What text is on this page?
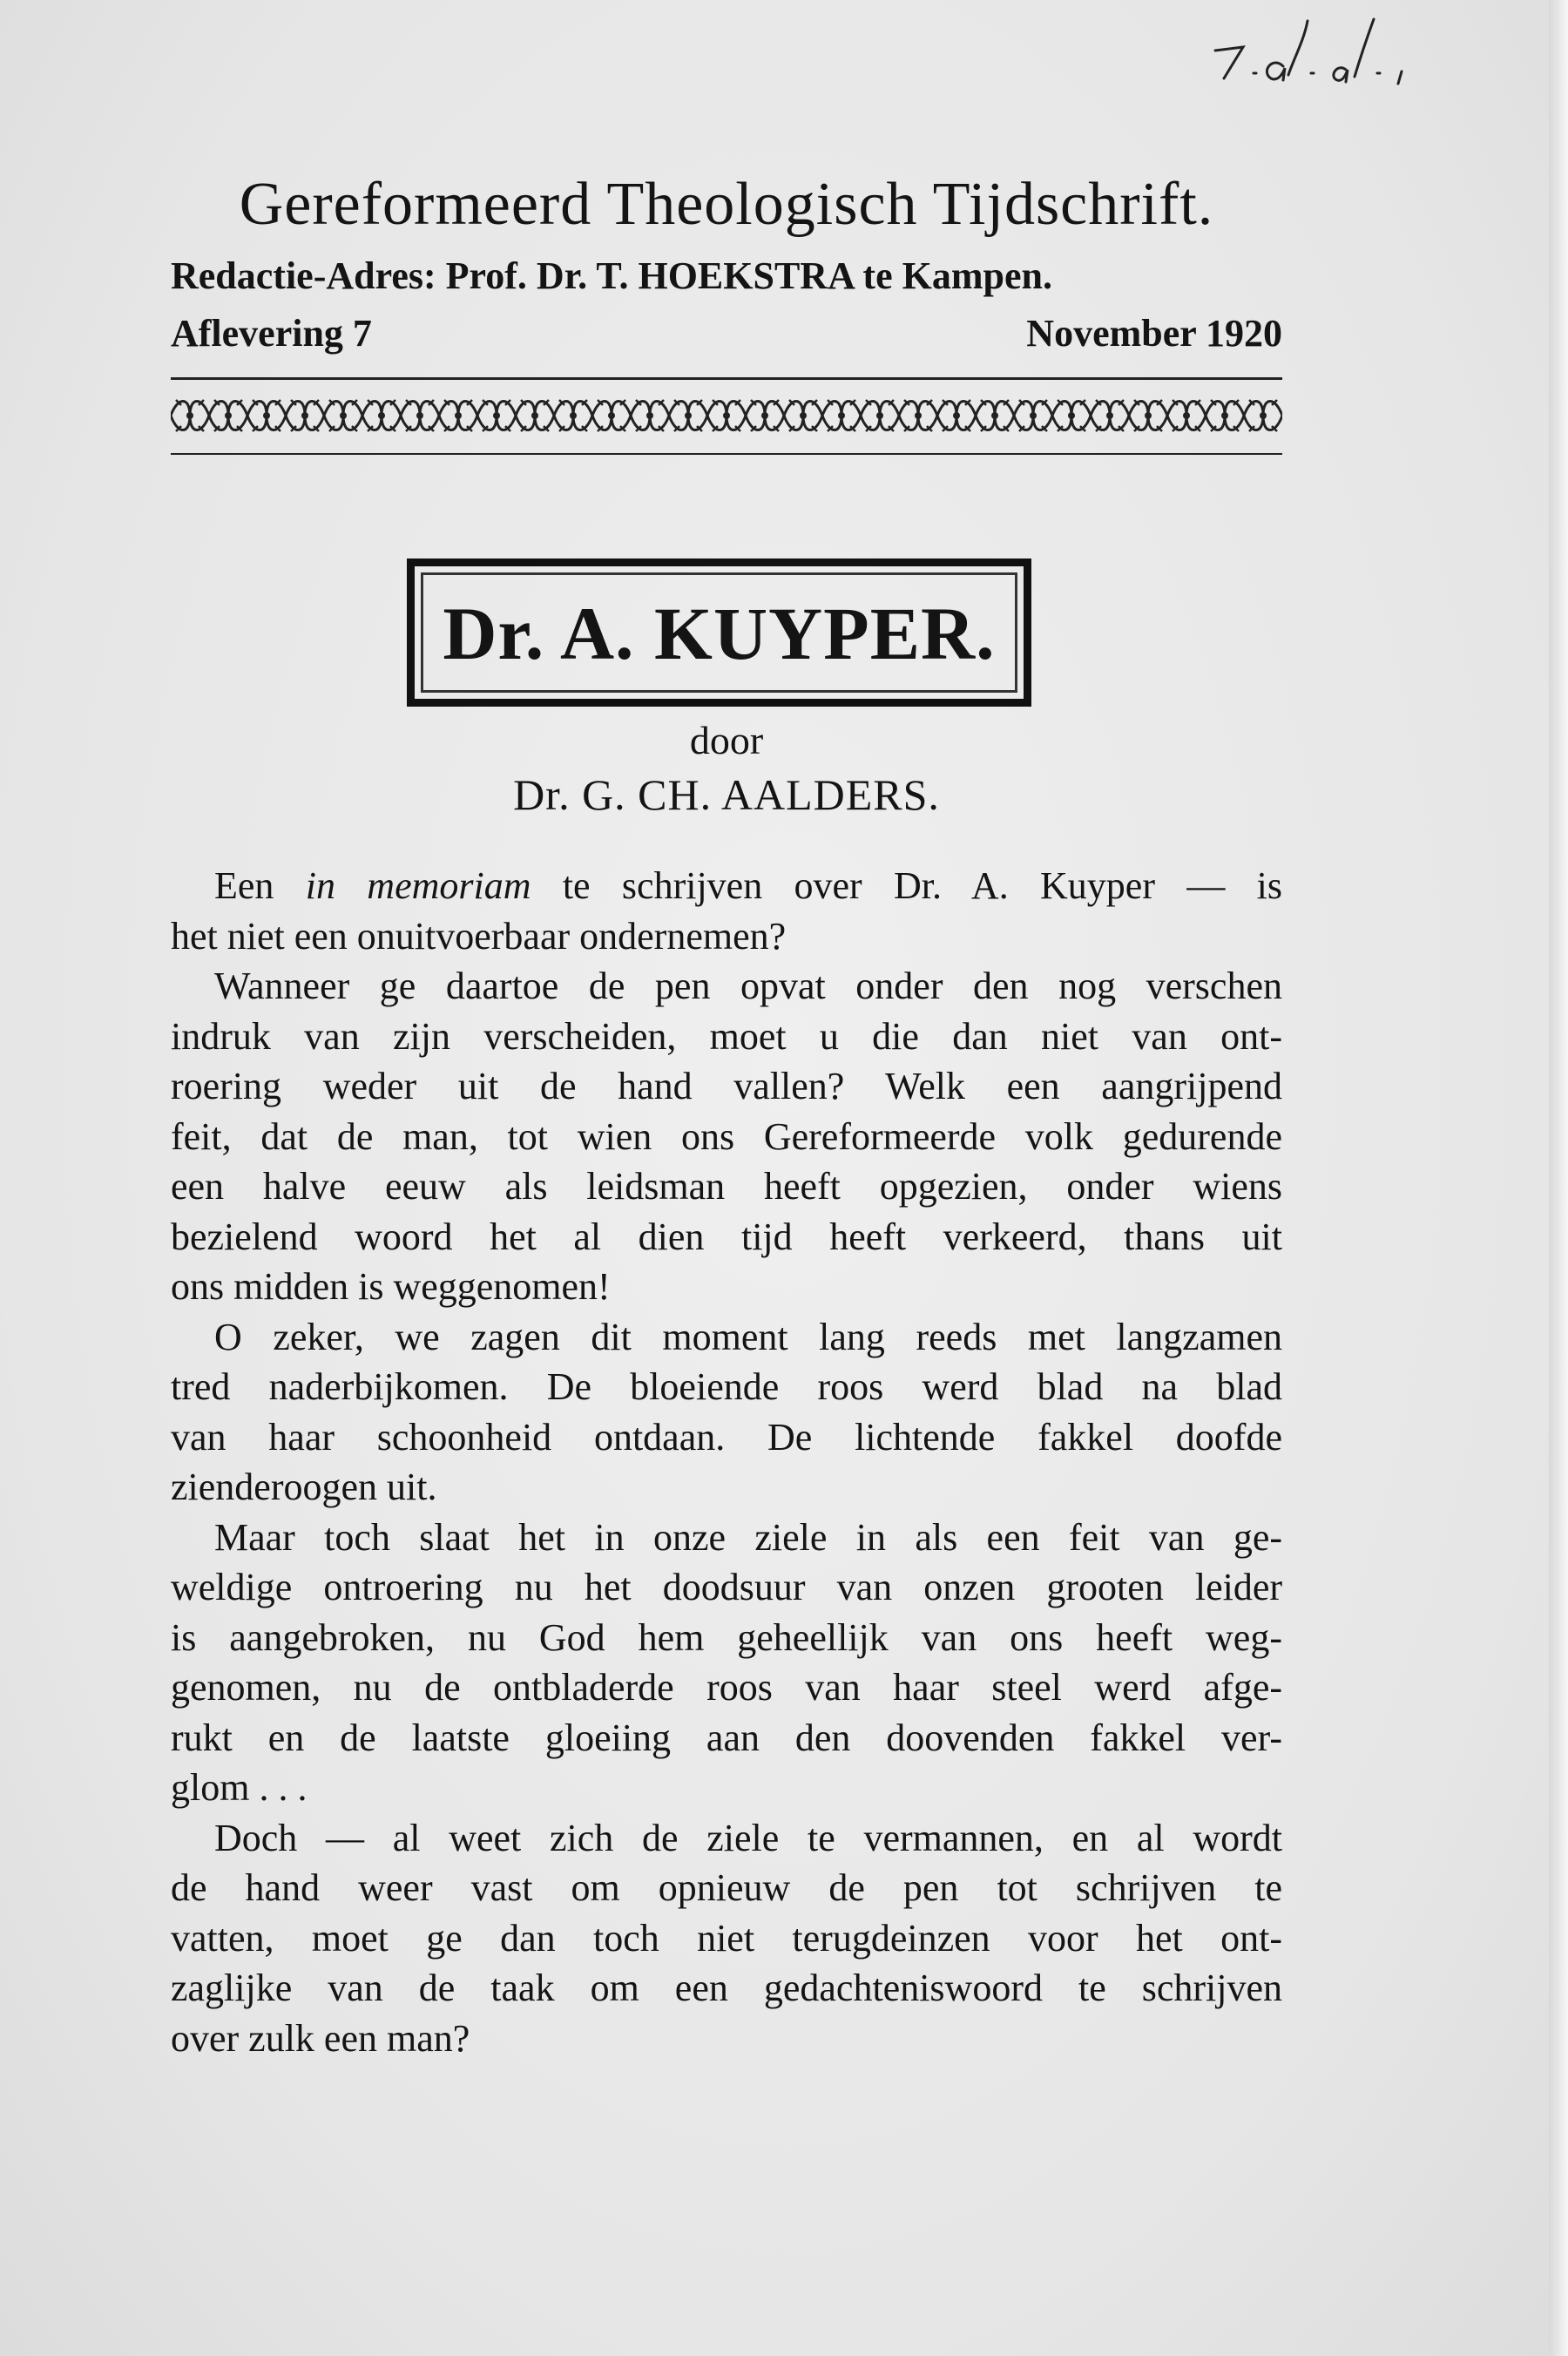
Gereformeerd Theologisch Tijdschrift.
Redactie-Adres: Prof. Dr. T. HOEKSTRA te Kampen.
Aflevering 7	November 1920
Dr. A. KUYPER.
door
Dr. G. CH. AALDERS.
Een in memoriam te schrijven over Dr. A. Kuyper — is
het niet een onuitvoerbaar ondernemen?
Wanneer ge daartoe de pen opvat onder den nog verschen
indruk van zijn verscheiden, moet u die dan niet van ont-
roering weder uit de hand vallen? Welk een aangrijpend
feit, dat de man, tot wien ons Gereformeerde volk gedurende
een halve eeuw als leidsman heeft opgezien, onder wiens
bezielend woord het al dien tijd heeft verkeerd, thans uit
ons midden is weggenomen!
O zeker, we zagen dit moment lang reeds met langzamen
tred naderbijkomen. De bloeiende roos werd blad na blad
van haar schoonheid ontdaan. De lichtende fakkel doofde
zienderoogen uit.
Maar toch slaat het in onze ziele in als een feit van ge-
weldige ontroering nu het doodsuur van onzen grooten leider
is aangebroken, nu God hem geheellijk van ons heeft weg-
genomen, nu de ontbladerde roos van haar steel werd afge-
rukt en de laatste gloeiing aan den doovenden fakkel ver-
glom . . .
Doch — al weet zich de ziele te vermannen, en al wordt
de hand weer vast om opnieuw de pen tot schrijven te
vatten, moet ge dan toch niet terugdeinzen voor het ont-
zaglijke van de taak om een gedachteniswoord te schrijven
over zulk een man?
